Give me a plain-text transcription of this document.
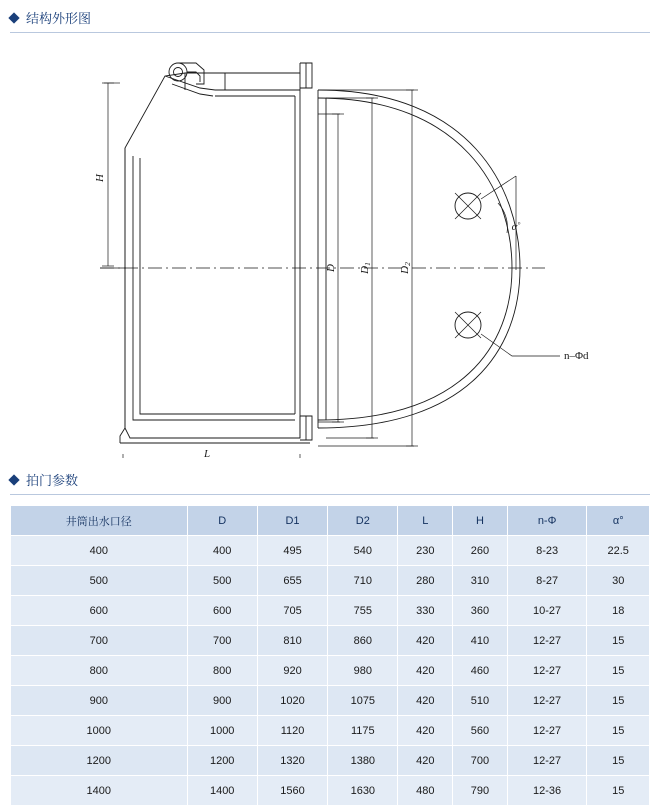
结构外形图
H
L
D D1
D2
α°
n–Φd
拍门参数
井筒出水口径	D	D1	D2	L	H	n-Φ	α°
400	400	495	540	230	260	8-23	22.5
500	500	655	710	280	310	8-27	30
600	600	705	755	330	360	10-27	18
700	700	810	860	420	410	12-27	15
800	800	920	980	420	460	12-27	15
900	900	1020	1075	420	510	12-27	15
1000	1000	1120	1175	420	560	12-27	15
1200	1200	1320	1380	420	700	12-27	15
1400	1400	1560	1630	480	790	12-36	15
